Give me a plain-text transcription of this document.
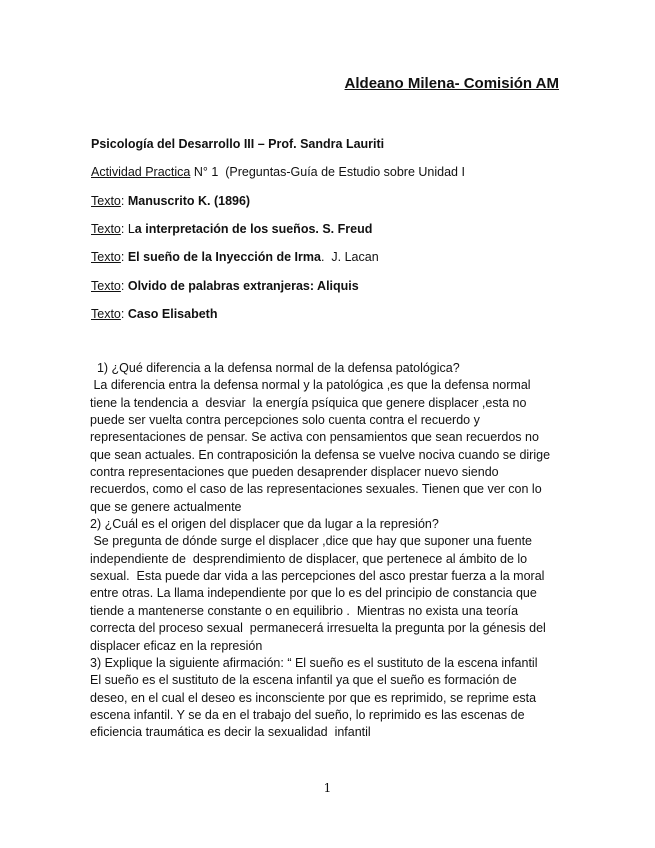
Aldeano Milena- Comisión AM
Psicología del Desarrollo III – Prof. Sandra Lauriti
Actividad Practica N° 1  (Preguntas-Guía de Estudio sobre Unidad I
Texto: Manuscrito K. (1896)
Texto: La interpretación de los sueños. S. Freud
Texto: El sueño de la Inyección de Irma.  J. Lacan
Texto: Olvido de palabras extranjeras: Aliquis
Texto: Caso Elisabeth

1) ¿Qué diferencia a la defensa normal de la defensa patológica?

La diferencia entra la defensa normal y la patológica ,es que la defensa normal

tiene la tendencia a  desviar  la energía psíquica que genere displacer ,esta no

puede ser vuelta contra percepciones solo cuenta contra el recuerdo y

representaciones de pensar. Se activa con pensamientos que sean recuerdos no

que sean actuales. En contraposición la defensa se vuelve nociva cuando se dirige

contra representaciones que pueden desaprender displacer nuevo siendo

recuerdos, como el caso de las representaciones sexuales. Tienen que ver con lo

que se genere actualmente

2) ¿Cuál es el origen del displacer que da lugar a la represión?

Se pregunta de dónde surge el displacer ,dice que hay que suponer una fuente

independiente de  desprendimiento de displacer, que pertenece al ámbito de lo

sexual.  Esta puede dar vida a las percepciones del asco prestar fuerza a la moral

entre otras. La llama independiente por que lo es del principio de constancia que

tiende a mantenerse constante o en equilibrio .  Mientras no exista una teoría

correcta del proceso sexual  permanecerá irresuelta la pregunta por la génesis del

displacer eficaz en la represión

3) Explique la siguiente afirmación: “ El sueño es el sustituto de la escena infantil

El sueño es el sustituto de la escena infantil ya que el sueño es formación de

deseo, en el cual el deseo es inconsciente por que es reprimido, se reprime esta

escena infantil. Y se da en el trabajo del sueño, lo reprimido es las escenas de

eficiencia traumática es decir la sexualidad  infantil

1
